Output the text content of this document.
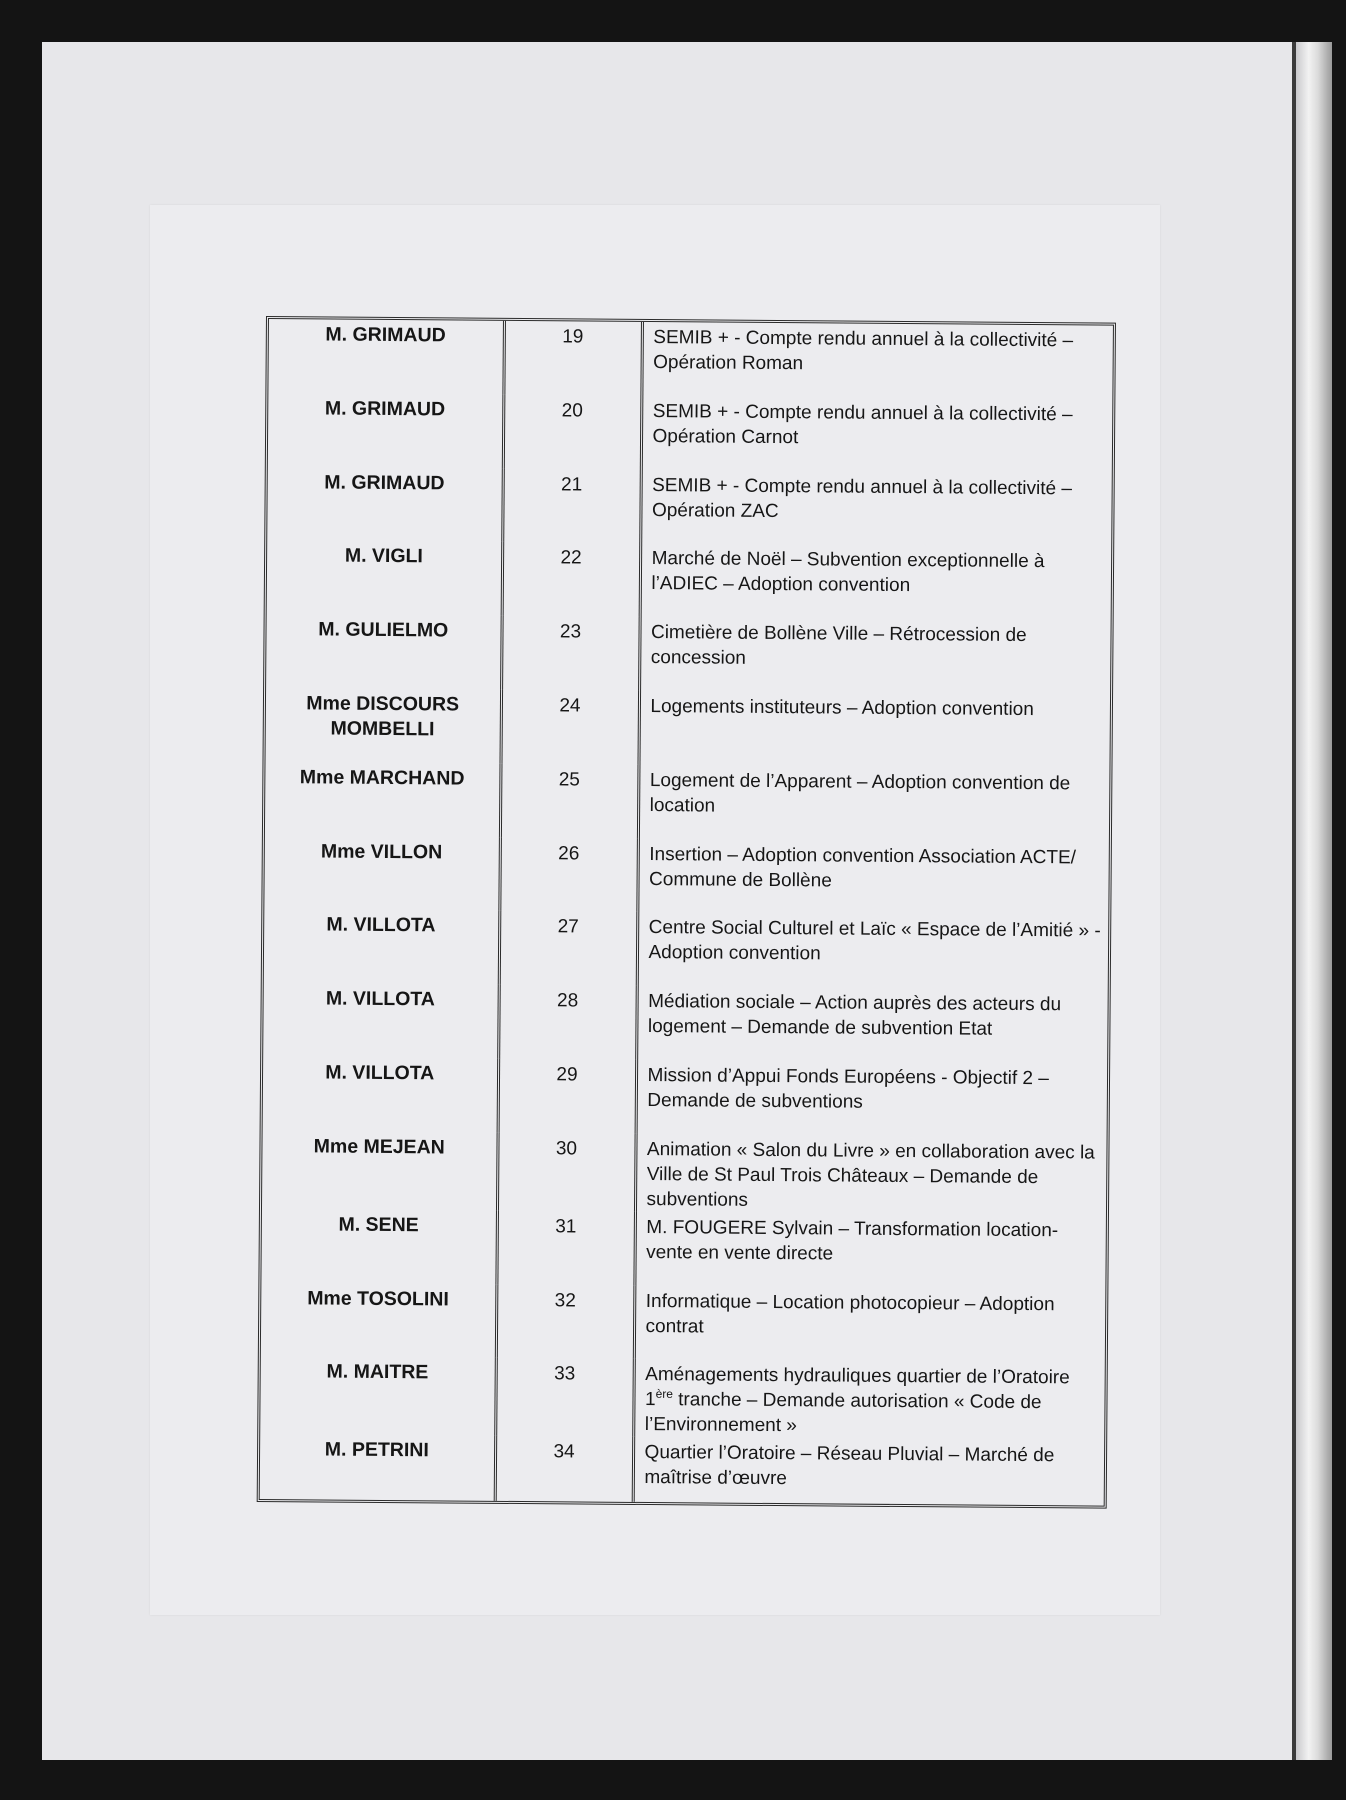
M. GRIMAUD	19	SEMIB + - Compte rendu annuel à la collectivité – Opération Roman
M. GRIMAUD	20	SEMIB + - Compte rendu annuel à la collectivité – Opération Carnot
M. GRIMAUD	21	SEMIB + - Compte rendu annuel à la collectivité – Opération ZAC
M. VIGLI	22	Marché de Noël – Subvention exceptionnelle à l’ADIEC – Adoption convention
M. GULIELMO	23	Cimetière de Bollène Ville – Rétrocession de concession
Mme DISCOURS MOMBELLI	24	Logements instituteurs – Adoption convention
Mme MARCHAND	25	Logement de l’Apparent – Adoption convention de location
Mme VILLON	26	Insertion – Adoption convention Association ACTE/ Commune de Bollène
M. VILLOTA	27	Centre Social Culturel et Laïc « Espace de l’Amitié » - Adoption convention
M. VILLOTA	28	Médiation sociale – Action auprès des acteurs du logement – Demande de subvention Etat
M. VILLOTA	29	Mission d’Appui Fonds Européens - Objectif 2 – Demande de subventions
Mme MEJEAN	30	Animation « Salon du Livre » en collaboration avec la Ville de St Paul Trois Châteaux – Demande de subventions
M. SENE	31	M. FOUGERE Sylvain – Transformation location-vente en vente directe
Mme TOSOLINI	32	Informatique – Location photocopieur – Adoption contrat
M. MAITRE	33	Aménagements hydrauliques quartier de l’Oratoire 1ère tranche – Demande autorisation « Code de l’Environnement »
M. PETRINI	34	Quartier l’Oratoire – Réseau Pluvial – Marché de maîtrise d’œuvre
